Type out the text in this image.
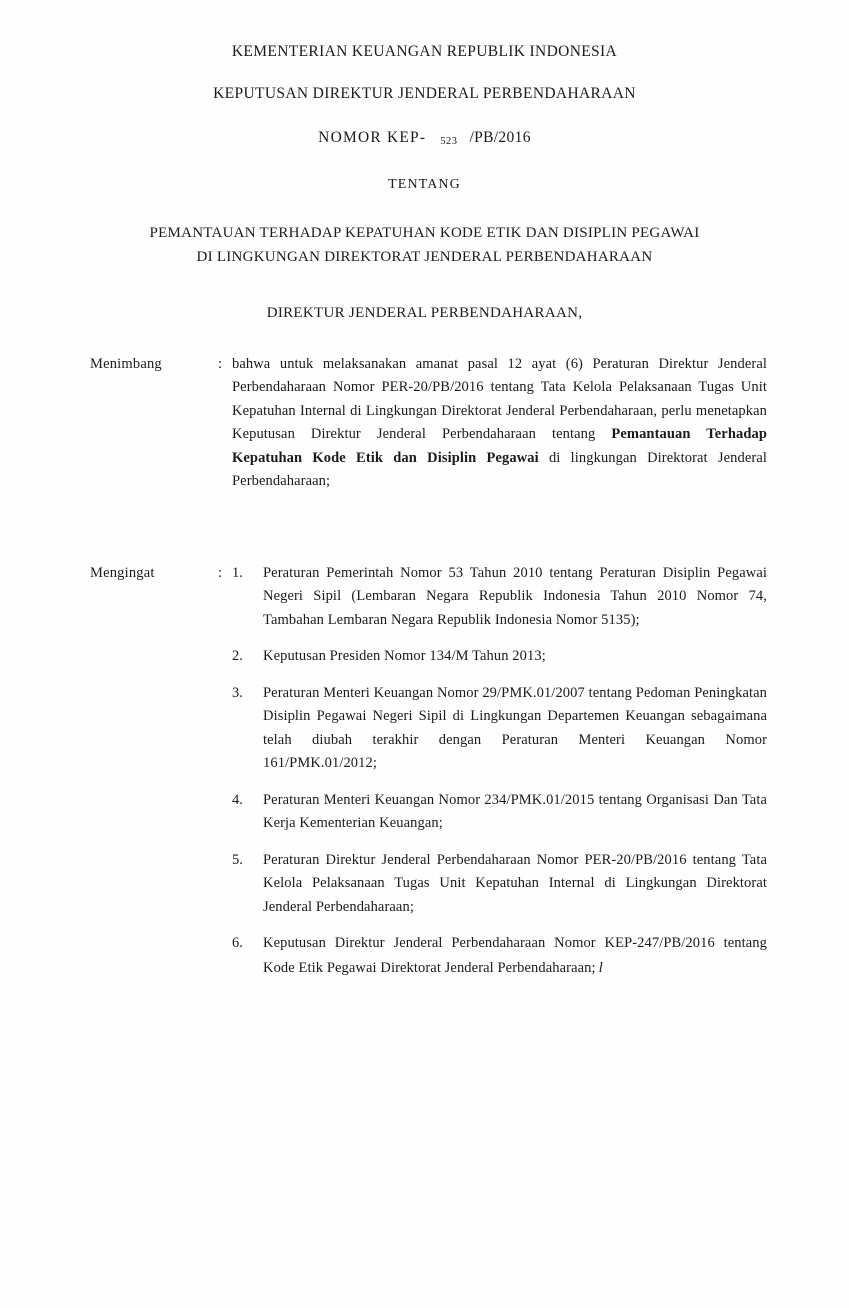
KEMENTERIAN KEUANGAN REPUBLIK INDONESIA
KEPUTUSAN DIREKTUR JENDERAL PERBENDAHARAAN
NOMOR KEP-	523 /PB/2016
TENTANG
PEMANTAUAN TERHADAP KEPATUHAN KODE ETIK DAN DISIPLIN PEGAWAI
DI LINGKUNGAN DIREKTORAT JENDERAL PERBENDAHARAAN
DIREKTUR JENDERAL PERBENDAHARAAN,
Menimbang	: bahwa untuk melaksanakan amanat pasal 12 ayat (6) Peraturan Direktur Jenderal Perbendaharaan Nomor PER-20/PB/2016 tentang Tata Kelola Pelaksanaan Tugas Unit Kepatuhan Internal di Lingkungan Direktorat Jenderal Perbendaharaan, perlu menetapkan Keputusan Direktur Jenderal Perbendaharaan tentang Pemantauan Terhadap Kepatuhan Kode Etik dan Disiplin Pegawai di lingkungan Direktorat Jenderal Perbendaharaan;
Mengingat	: 1.	Peraturan Pemerintah Nomor 53 Tahun 2010 tentang Peraturan Disiplin Pegawai Negeri Sipil (Lembaran Negara Republik Indonesia Tahun 2010 Nomor 74, Tambahan Lembaran Negara Republik Indonesia Nomor 5135);
2.	Keputusan Presiden Nomor 134/M Tahun 2013;
3.	Peraturan Menteri Keuangan Nomor 29/PMK.01/2007 tentang Pedoman Peningkatan Disiplin Pegawai Negeri Sipil di Lingkungan Departemen Keuangan sebagaimana telah diubah terakhir dengan Peraturan Menteri Keuangan Nomor 161/PMK.01/2012;
4.	Peraturan Menteri Keuangan Nomor 234/PMK.01/2015 tentang Organisasi Dan Tata Kerja Kementerian Keuangan;
5.	Peraturan Direktur Jenderal Perbendaharaan Nomor PER-20/PB/2016 tentang Tata Kelola Pelaksanaan Tugas Unit Kepatuhan Internal di Lingkungan Direktorat Jenderal Perbendaharaan;
6.	Keputusan Direktur Jenderal Perbendaharaan Nomor KEP-247/PB/2016 tentang Kode Etik Pegawai Direktorat Jenderal Perbendaharaan; l
